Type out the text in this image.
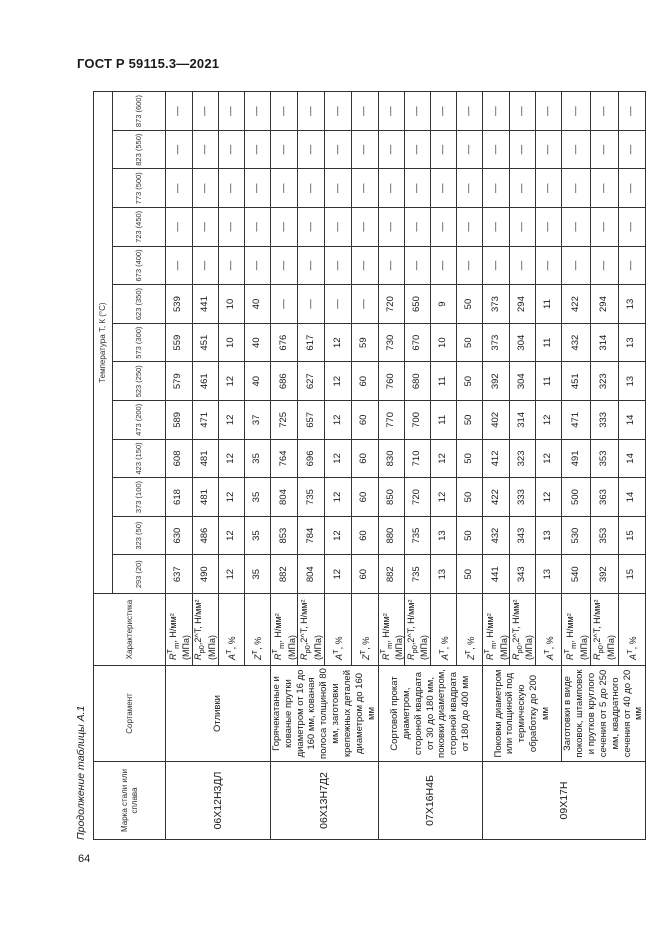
ГОСТ Р 59115.3—2021
Продолжение таблицы А.1	Марка стали или сплава	Сортамент	Характеристика	Температура T, К (°С)												
			293 (20)	323 (50)	373 (100)	423 (150)	473 (200)	523 (250)	573 (300)	623 (350)	673 (400)	723 (450)	773 (500)	823 (550)	873 (600)
06Х12Н3ДЛ	Отливки	$R^T_m$, Н/мм² (МПа)	637	630	618	608	589	579	559	539	—	—	—	—	—
		$R_{p0},2\^{}T$, Н/мм² (МПа)	490	486	481	481	471	461	451	441	—	—	—	—	—
		$A^T$, %	12	12	12	12	12	12	10	10	—	—	—	—	—
		$Z^T$, %	35	35	35	35	37	40	40	40	—	—	—	—	—
06Х13Н7Д2	Горячекатаные и кованые прутки диаметром от 16 до 160 мм, кованая полоса толщиной 80 мм, заготовки крепежных деталей диаметром до 160 мм	$R^T_m$, Н/мм² (МПа)	882	853	804	764	725	686	676	—	—	—	—	—	—
		$R_{p0},2\^{}T$, Н/мм² (МПа)	804	784	735	696	657	627	617	—	—	—	—	—	—
		$A^T$, %	12	12	12	12	12	12	12	—	—	—	—	—	—
		$Z^T$, %	60	60	60	60	60	60	59	—	—	—	—	—	—
07Х16Н4Б	Сортовой прокат диаметром, стороной квадрата от 30 до 180 мм, поковки диаметром, стороной квадрата от 180 до 400 мм	$R^T_m$, Н/мм² (МПа)	882	880	850	830	770	760	730	720	—	—	—	—	—
		$R_{p0},2\^{}T$, Н/мм² (МПа)	735	735	720	710	700	680	670	650	—	—	—	—	—
		$A^T$, %	13	13	12	12	11	11	10	9	—	—	—	—	—
		$Z^T$, %	50	50	50	50	50	50	50	50	—	—	—	—	—
09Х17Н	Поковки диаметром или толщиной под термическую обработку до 200 мм	$R^T_m$, Н/мм² (МПа)	441	432	422	412	402	392	373	373	—	—	—	—	—
		$R_{p0},2\^{}T$, Н/мм² (МПа)	343	343	333	323	314	304	304	294	—	—	—	—	—
		$A^T$, %	13	13	12	12	12	11	11	11	—	—	—	—	—
	Заготовки в виде поковок, штамповок и прутков круглого сечения от 5 до 250 мм, квадратного сечения от 40 до 20 мм	$R^T_m$, Н/мм² (МПа)	540	530	500	491	471	451	432	422	—	—	—	—	—
		$R_{p0},2\^{}T$, Н/мм² (МПа)	392	353	363	353	333	323	314	294	—	—	—	—	—
		$A^T$, %	15	15	14	14	14	13	13	13	—	—	—	—	—
64
